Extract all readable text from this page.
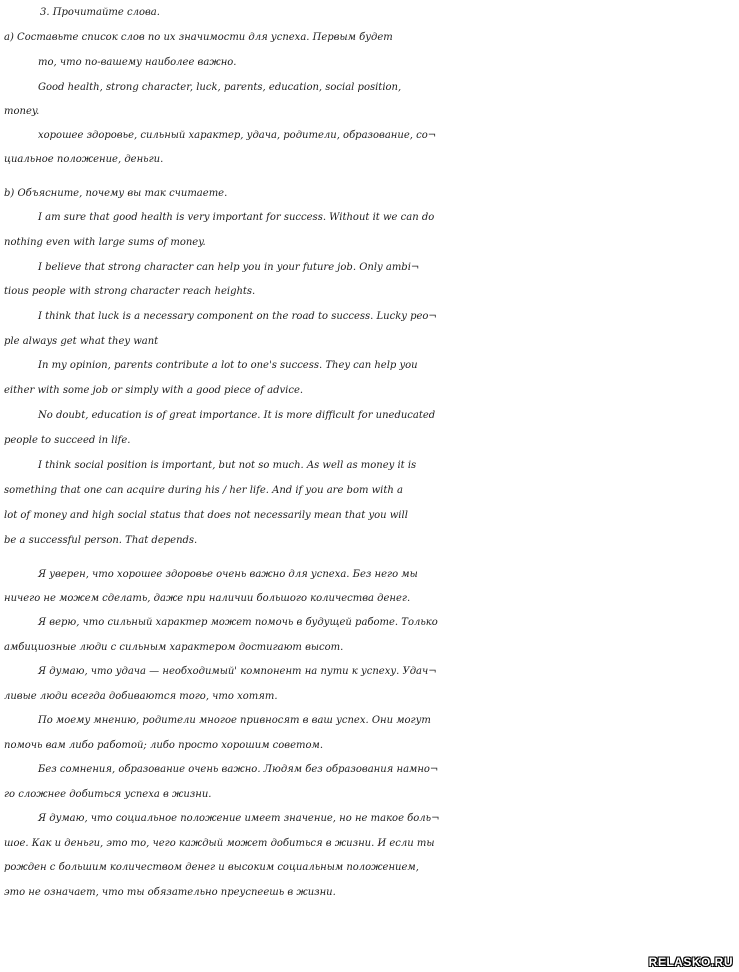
3. Прочитайте слова.
а) Составьте список слов по их значимости для успеха. Первым будет
то, что по-вашему наиболее важно.
Good health, strong character, luck, parents, education, social position,
money.
хорошее здоровье, сильный характер, удача, родители, образование, со¬
циальное положение, деньги.
b) Объясните, почему вы так считаете.
I am sure that good health is very important for success. Without it we can do
nothing even with large sums of money.
I believe that strong character can help you in your future job. Only ambi¬
tious people with strong character reach heights.
I think that luck is a necessary component on the road to success. Lucky peo¬
ple always get what they want
In my opinion, parents contribute a lot to one's success. They can help you
either with some job or simply with a good piece of advice.
No doubt, education is of great importance. It is more difficult for uneducated
people to succeed in life.
I think social position is important, but not so much. As well as money it is
something that one can acquire during his / her life. And if you are bom with a
lot of money and high social status that does not necessarily mean that you will
be a successful person. That depends.
Я уверен, что хорошее здоровье очень важно для успеха. Без него мы
ничего не можем сделать, даже при наличии большого количества денег.
Я верю, что сильный характер может помочь в будущей работе. Только
амбициозные люди с сильным характером достигают высот.
Я думаю, что удача — необходимый' компонент на пути к успеху. Удач¬
ливые люди всегда добиваются того, что хотят.
По моему мнению, родители многое привносят в ваш успех. Они могут
помочь вам либо работой; либо просто хорошим советом.
Без сомнения, образование очень важно. Людям без образования намно¬
го сложнее добиться успеха в жизни.
Я думаю, что социальное положение имеет значение, но не такое боль¬
шое. Как и деньги, это то, чего каждый может добиться в жизни. И если ты
рожден с большим количеством денег и высоким социальным положением,
это не означает, что ты обязательно преуспеешь в жизни.
RELASKO.RU
